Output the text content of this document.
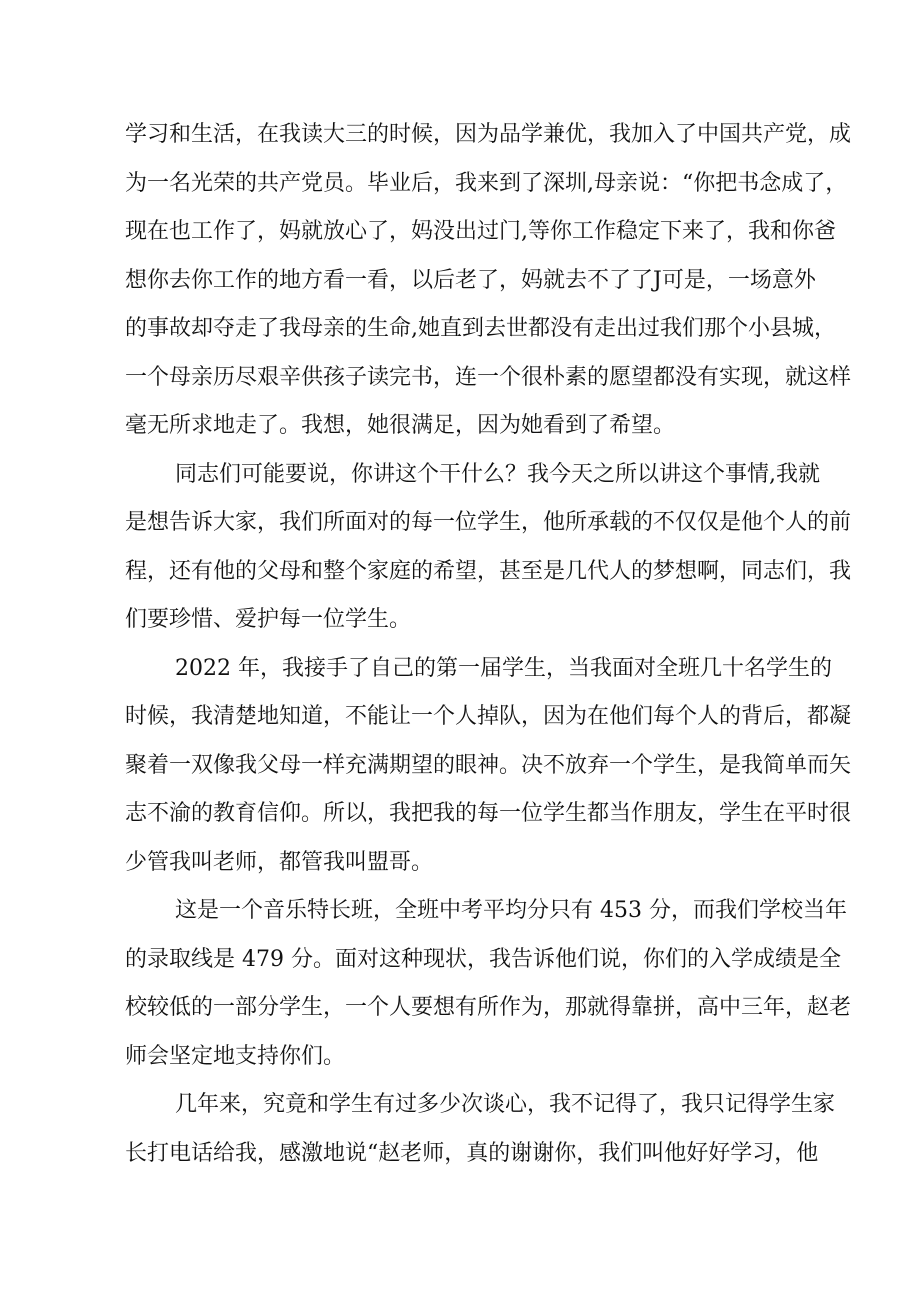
学习和生活，在我读大三的时候，因为品学兼优，我加入了中国共产党，成
为一名光荣的共产党员。毕业后，我来到了深圳,母亲说：“你把书念成了，
现在也工作了，妈就放心了，妈没出过门,等你工作稳定下来了，我和你爸
想你去你工作的地方看一看，以后老了，妈就去不了了J可是，一场意外
的事故却夺走了我母亲的生命,她直到去世都没有走出过我们那个小县城，
一个母亲历尽艰辛供孩子读完书，连一个很朴素的愿望都没有实现，就这样
毫无所求地走了。我想，她很满足，因为她看到了希望。
同志们可能要说，你讲这个干什么？我今天之所以讲这个事情,我就
是想告诉大家，我们所面对的每一位学生，他所承载的不仅仅是他个人的前
程，还有他的父母和整个家庭的希望，甚至是几代人的梦想啊，同志们，我
们要珍惜、爱护每一位学生。
2022 年，我接手了自己的第一届学生，当我面对全班几十名学生的
时候，我清楚地知道，不能让一个人掉队，因为在他们每个人的背后，都凝
聚着一双像我父母一样充满期望的眼神。决不放弃一个学生，是我简单而矢
志不渝的教育信仰。所以，我把我的每一位学生都当作朋友，学生在平时很
少管我叫老师，都管我叫盟哥。
这是一个音乐特长班，全班中考平均分只有 453 分，而我们学校当年
的录取线是 479 分。面对这种现状，我告诉他们说，你们的入学成绩是全
校较低的一部分学生，一个人要想有所作为，那就得靠拼，高中三年，赵老
师会坚定地支持你们。
几年来，究竟和学生有过多少次谈心，我不记得了，我只记得学生家
长打电话给我，感激地说“赵老师，真的谢谢你，我们叫他好好学习，他
